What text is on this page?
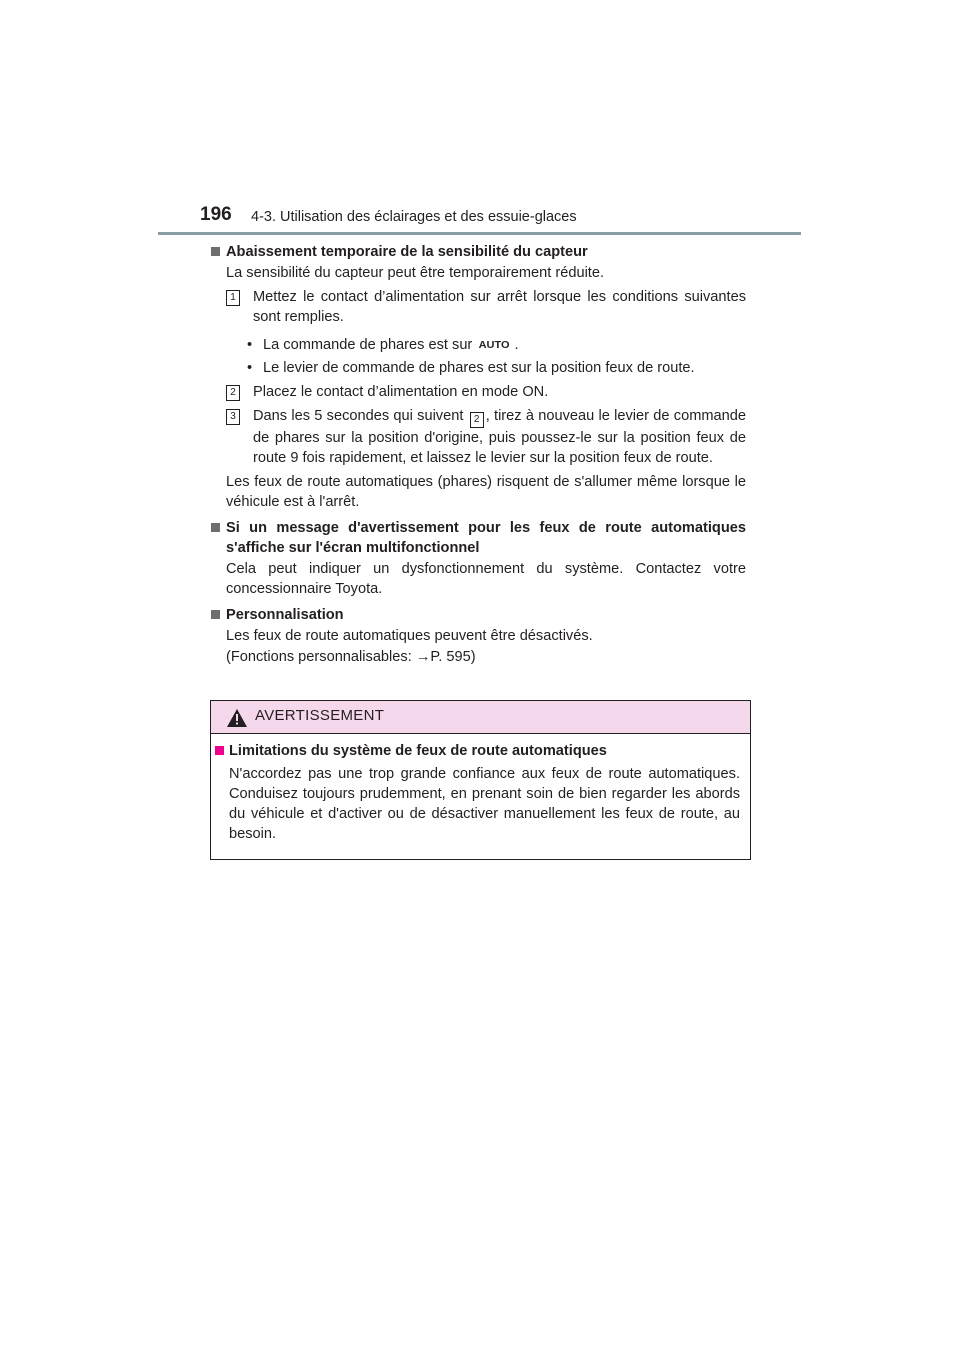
196 4-3. Utilisation des éclairages et des essuie-glaces
Abaissement temporaire de la sensibilité du capteur
La sensibilité du capteur peut être temporairement réduite.
1 Mettez le contact d’alimentation sur arrêt lorsque les conditions suivantes sont remplies.
• La commande de phares est sur AUTO .
• Le levier de commande de phares est sur la position feux de route.
2 Placez le contact d’alimentation en mode ON.
3 Dans les 5 secondes qui suivent 2 , tirez à nouveau le levier de commande de phares sur la position d'origine, puis poussez-le sur la position feux de route 9 fois rapidement, et laissez le levier sur la position feux de route.
Les feux de route automatiques (phares) risquent de s'allumer même lorsque le véhicule est à l'arrêt.
Si un message d'avertissement pour les feux de route automatiques s'affiche sur l'écran multifonctionnel
Cela peut indiquer un dysfonctionnement du système. Contactez votre concessionnaire Toyota.
Personnalisation
Les feux de route automatiques peuvent être désactivés.
(Fonctions personnalisables: →P. 595)
AVERTISSEMENT
Limitations du système de feux de route automatiques
N'accordez pas une trop grande confiance aux feux de route automatiques. Conduisez toujours prudemment, en prenant soin de bien regarder les abords du véhicule et d'activer ou de désactiver manuellement les feux de route, au besoin.
